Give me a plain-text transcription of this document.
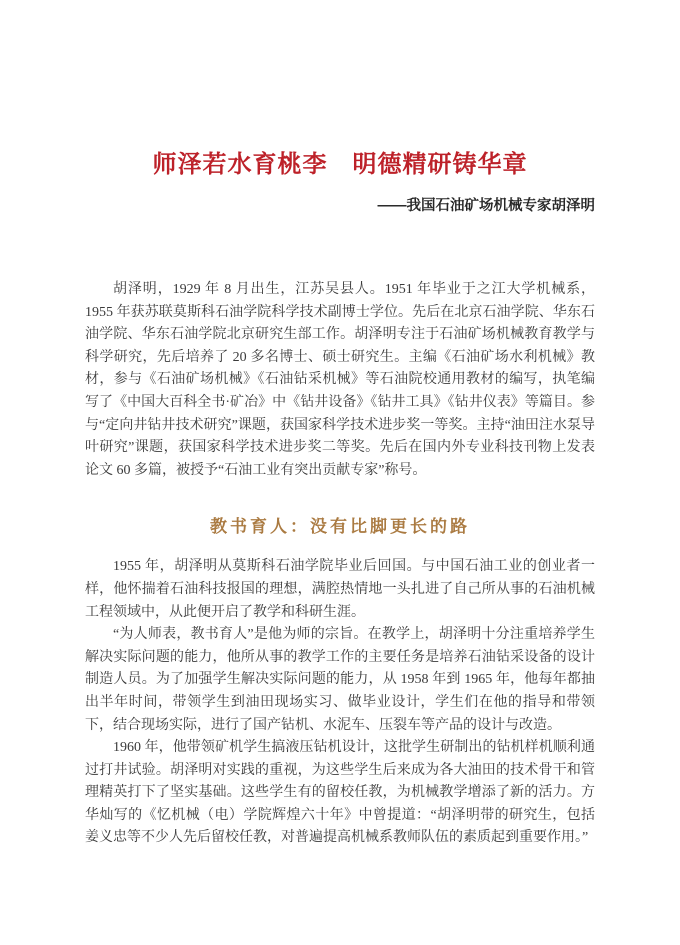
师泽若水育桃李　明德精研铸华章

——我国石油矿场机械专家胡泽明

胡泽明，1929 年 8 月出生，江苏吴县人。1951 年毕业于之江大学机械系，1955 年获苏联莫斯科石油学院科学技术副博士学位。先后在北京石油学院、华东石油学院、华东石油学院北京研究生部工作。胡泽明专注于石油矿场机械教育教学与科学研究，先后培养了 20 多名博士、硕士研究生。主编《石油矿场水利机械》教材，参与《石油矿场机械》《石油钻采机械》等石油院校通用教材的编写，执笔编写了《中国大百科全书·矿冶》中《钻井设备》《钻井工具》《钻井仪表》等篇目。参与“定向井钻井技术研究”课题，获国家科学技术进步奖一等奖。主持“油田注水泵导叶研究”课题，获国家科学技术进步奖二等奖。先后在国内外专业科技刊物上发表论文 60 多篇，被授予“石油工业有突出贡献专家”称号。

教书育人：没有比脚更长的路

1955 年，胡泽明从莫斯科石油学院毕业后回国。与中国石油工业的创业者一样，他怀揣着石油科技报国的理想，满腔热情地一头扎进了自己所从事的石油机械工程领域中，从此便开启了教学和科研生涯。

“为人师表，教书育人”是他为师的宗旨。在教学上，胡泽明十分注重培养学生解决实际问题的能力，他所从事的教学工作的主要任务是培养石油钻采设备的设计制造人员。为了加强学生解决实际问题的能力，从 1958 年到 1965 年，他每年都抽出半年时间，带领学生到油田现场实习、做毕业设计，学生们在他的指导和带领下，结合现场实际，进行了国产钻机、水泥车、压裂车等产品的设计与改造。

1960 年，他带领矿机学生搞液压钻机设计，这批学生研制出的钻机样机顺利通过打井试验。胡泽明对实践的重视，为这些学生后来成为各大油田的技术骨干和管理精英打下了坚实基础。这些学生有的留校任教，为机械教学增添了新的活力。方华灿写的《忆机械（电）学院辉煌六十年》中曾提道：“胡泽明带的研究生，包括姜义忠等不少人先后留校任教，对普遍提高机械系教师队伍的素质起到重要作用。”
